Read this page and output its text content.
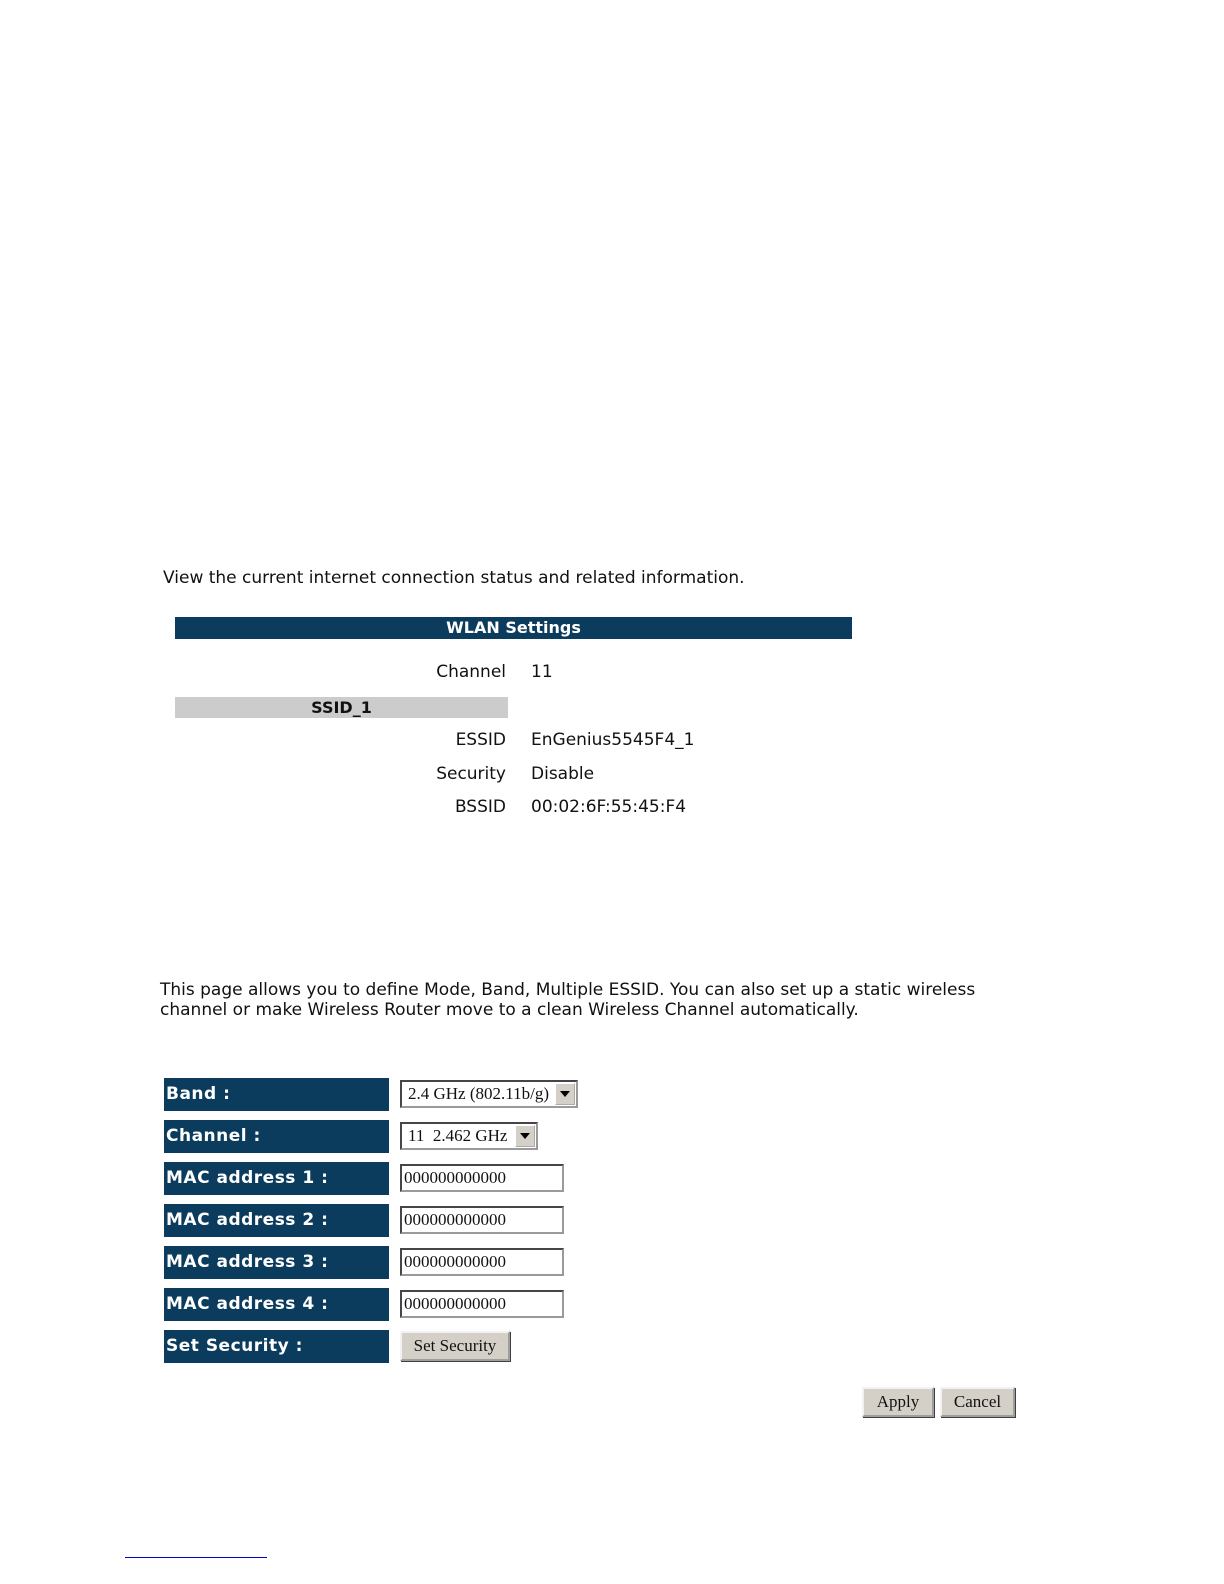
View the current internet connection status and related information.
WLAN Settings
Channel 11
SSID_1
ESSID EnGenius5545F4_1
Security Disable
BSSID 00:02:6F:55:45:F4
This page allows you to define Mode, Band, Multiple ESSID. You can also set up a static wireless channel or make Wireless Router move to a clean Wireless Channel automatically.
Band :	2.4 GHz (802.11b/g)
Channel :	11  2.462 GHz
MAC address 1 :	000000000000
MAC address 2 :	000000000000
MAC address 3 :	000000000000
MAC address 4 :	000000000000
Set Security :	Set Security
Apply	Cancel
